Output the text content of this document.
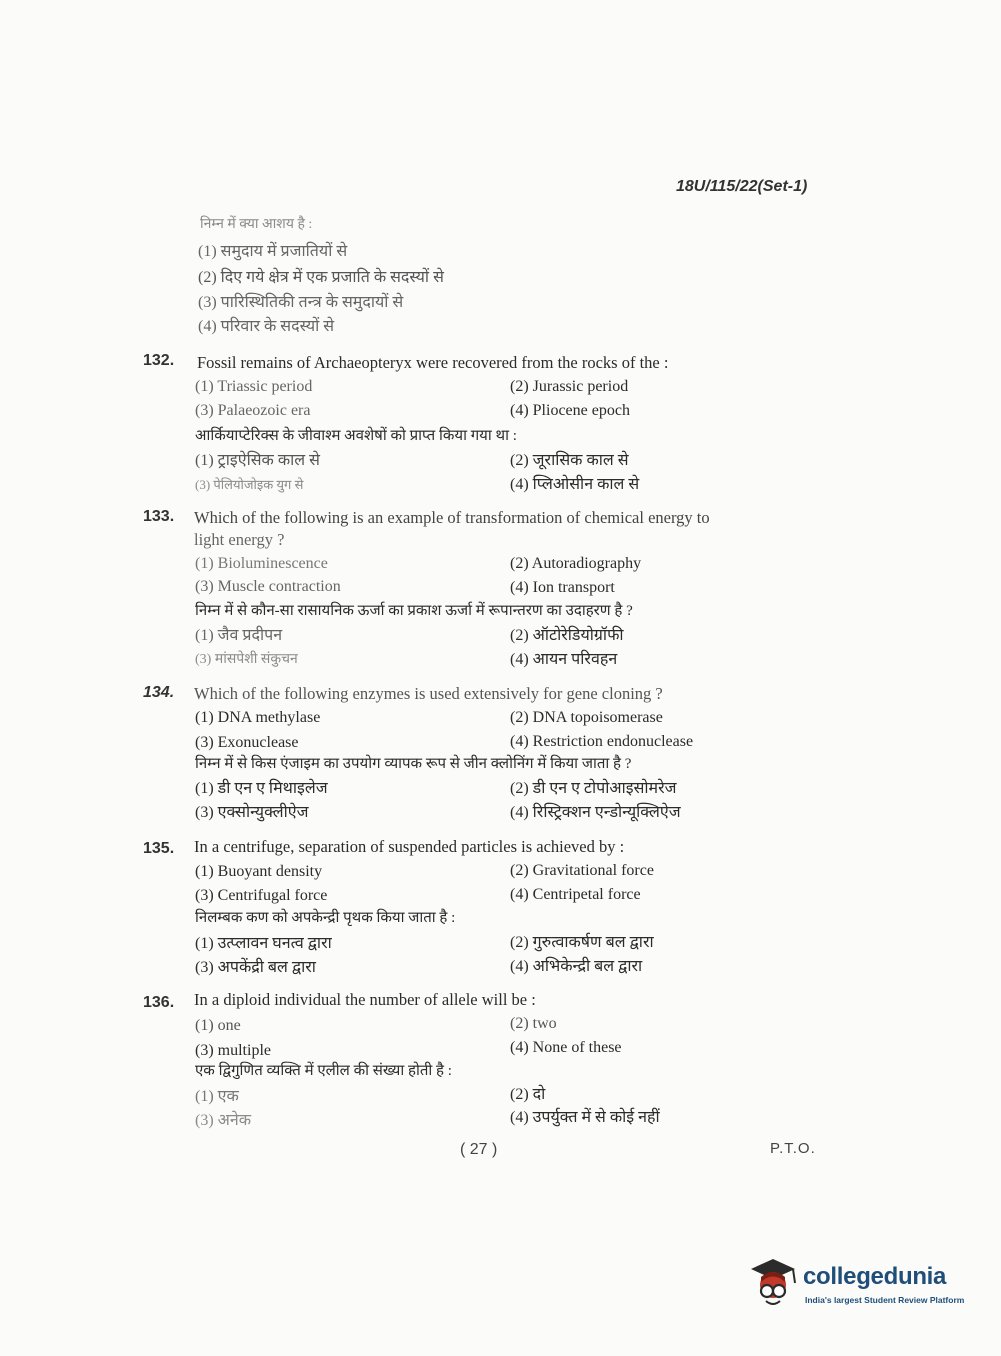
18U/115/22(Set-1)
निम्न में क्या आशय है :
(1) समुदाय में प्रजातियों से
(2) दिए गये क्षेत्र में एक प्रजाति के सदस्यों से
(3) पारिस्थितिकी तन्त्र के समुदायों से
(4) परिवार के सदस्यों से
132. Fossil remains of Archaeopteryx were recovered from the rocks of the :
(1) Triassic period	(2) Jurassic period
(3) Palaeozoic era	(4) Pliocene epoch
आर्कियाप्टेरिक्स के जीवाश्म अवशेषों को प्राप्त किया गया था :
(1) ट्राइऐसिक काल से	(2) जूरासिक काल से
(3) पेलियोजोइक युग से	(4) प्लिओसीन काल से
133. Which of the following is an example of transformation of chemical energy to
light energy ?
(1) Bioluminescence	(2) Autoradiography
(3) Muscle contraction	(4) Ion transport
निम्न में से कौन-सा रासायनिक ऊर्जा का प्रकाश ऊर्जा में रूपान्तरण का उदाहरण है ?
(1) जैव प्रदीपन	(2) ऑटोरेडियोग्रॉफी
(3) मांसपेशी संकुचन	(4) आयन परिवहन
134. Which of the following enzymes is used extensively for gene cloning ?
(1) DNA methylase	(2) DNA topoisomerase
(3) Exonuclease	(4) Restriction endonuclease
निम्न में से किस एंजाइम का उपयोग व्यापक रूप से जीन क्लोनिंग में किया जाता है ?
(1) डी एन ए मिथाइलेज	(2) डी एन ए टोपोआइसोमरेज
(3) एक्सोन्युक्लीऐज	(4) रिस्ट्रिक्शन एन्डोन्यूक्लिऐज
135. In a centrifuge, separation of suspended particles is achieved by :
(1) Buoyant density	(2) Gravitational force
(3) Centrifugal force	(4) Centripetal force
निलम्बक कण को अपकेन्द्री पृथक किया जाता है :
(1) उत्प्लावन घनत्व द्वारा	(2) गुरुत्वाकर्षण बल द्वारा
(3) अपकेंद्री बल द्वारा	(4) अभिकेन्द्री बल द्वारा
136. In a diploid individual the number of allele will be :
(1) one	(2) two
(3) multiple	(4) None of these
एक द्विगुणित व्यक्ति में एलील की संख्या होती है :
(1) एक	(2) दो
(3) अनेक	(4) उपर्युक्त में से कोई नहीं
( 27 )	P.T.O.
collegedunia
India's largest Student Review Platform
